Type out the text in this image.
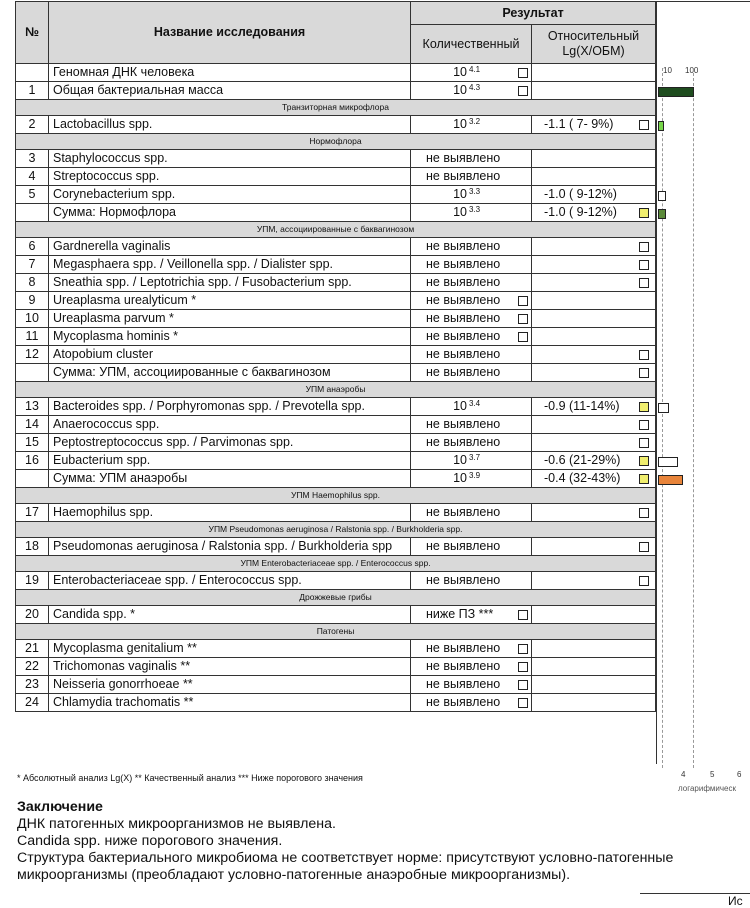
№	Название исследования	Результат	
		Количественный	Относительный Lg(X/ОБМ)
	Геномная ДНК человека	10 $^{4.1}$

1	Общая бактериальная масса	10 $^{4.3}$

Транзиторная микрофлора			
2	Lactobacillus spp.	10 $^{3.2}$	-1.1 ( 7- 9%)

Нормофлора			
3	Staphylococcus spp.	не выявлено	
4	Streptococcus spp.	не выявлено	
5	Corynebacterium spp.	10 $^{3.3}$	-1.0 ( 9-12%)
	Сумма: Нормофлора	10 $^{3.3}$	-1.0 ( 9-12%)

УПМ, ассоциированные с баквагинозом			
6	Gardnerella vaginalis	не выявлено	

7	Megasphaera spp. / Veillonella spp. / Dialister spp.	не выявлено	

8	Sneathia spp. / Leptotrichia spp. / Fusobacterium spp.	не выявлено	

9	Ureaplasma urealyticum *	не выявлено

10	Ureaplasma parvum *	не выявлено

11	Mycoplasma hominis *	не выявлено

12	Atopobium cluster	не выявлено	

	Сумма: УПМ, ассоциированные с баквагинозом	не выявлено	

УПМ анаэробы			
13	Bacteroides spp. / Porphyromonas spp. / Prevotella spp.	10 $^{3.4}$	-0.9 (11-14%)

14	Anaerococcus spp.	не выявлено	

15	Peptostreptococcus spp. / Parvimonas spp.	не выявлено	

16	Eubacterium spp.	10 $^{3.7}$	-0.6 (21-29%)

	Сумма: УПМ анаэробы	10 $^{3.9}$	-0.4 (32-43%)

УПМ Haemophilus spp.			
17	Haemophilus spp.	не выявлено	

УПМ Pseudomonas aeruginosa / Ralstonia spp. / Burkholderia spp.			
18	Pseudomonas aeruginosa / Ralstonia spp. / Burkholderia spp	не выявлено	

УПМ Enterobacteriaceae spp. / Enterococcus spp.			
19	Enterobacteriaceae spp. / Enterococcus spp.	не выявлено	

Дрожжевые грибы			
20	Candida spp. *	ниже ПЗ ***

Патогены			
21	Mycoplasma genitalium **	не выявлено

22	Trichomonas vaginalis **	не выявлено

23	Neisseria gonorrhoeae **	не выявлено

24	Chlamydia trachomatis **	не выявлено

10 100
4	5	6
логарифмическ
* Абсолютный анализ Lg(X) ** Качественный анализ *** Ниже порогового значения
Заключение
ДНК патогенных микроорганизмов не выявлена.
Candida spp. ниже порогового значения.
Структура бактериального микробиома не соответствует норме: присутствуют условно-патогенные
микроорганизмы (преобладают условно-патогенные анаэробные микроорганизмы).
Ис
